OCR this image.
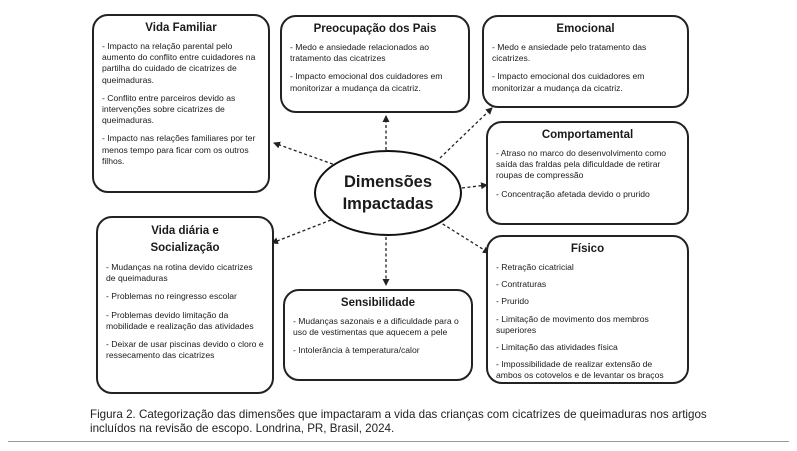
Dimensões Impactadas
Vida Familiar
- Impacto na relação parental pelo aumento do conflito entre cuidadores na partilha do cuidado de cicatrizes de queimaduras.
- Conflito entre parceiros devido as intervenções sobre cicatrizes de queimaduras.
- Impacto nas relações familiares por ter menos tempo para ficar com os outros filhos.
Preocupação dos Pais
- Medo e ansiedade relacionados ao tratamento das cicatrizes
- Impacto emocional dos cuidadores em monitorizar a mudança da cicatriz.
Emocional
- Medo e ansiedade pelo tratamento das cicatrizes.
- Impacto emocional dos cuidadores em monitorizar a mudança da cicatriz.
Comportamental
- Atraso no marco do desenvolvimento como saída das fraldas pela dificuldade de retirar roupas de compressão
- Concentração afetada devido o prurido
Vida diária e Socialização
- Mudanças na rotina devido cicatrizes de queimaduras
- Problemas no reingresso escolar
- Problemas devido limitação da mobilidade e realização das atividades
- Deixar de usar piscinas devido o cloro e ressecamento das cicatrizes
Sensibilidade
- Mudanças sazonais e a dificuldade para o uso de vestimentas que aquecem a pele
- Intolerância à temperatura/calor
Físico
- Retração cicatricial
- Contraturas
- Prurido
- Limitação de movimento dos membros superiores
- Limitação das atividades física
- Impossibilidade de realizar extensão de ambos os cotovelos e de levantar os braços
Figura 2. Categorização das dimensões que impactaram a vida das crianças com cicatrizes de queimaduras nos artigos incluídos na revisão de escopo. Londrina, PR, Brasil, 2024.
